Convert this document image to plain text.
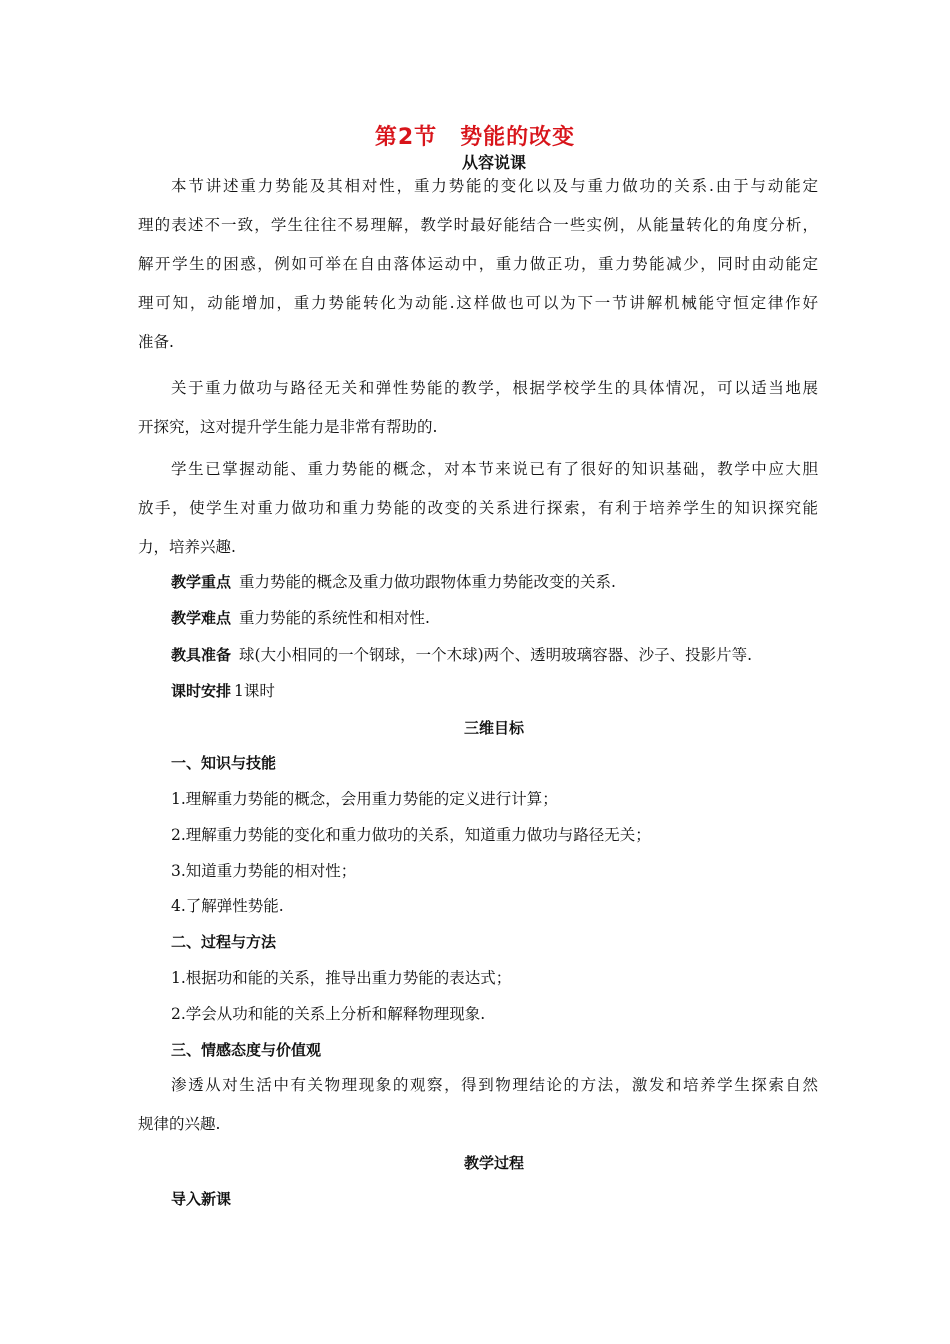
第2节　势能的改变
从容说课
本节讲述重力势能及其相对性，重力势能的变化以及与重力做功的关系.由于与动能定
理的表述不一致，学生往往不易理解，教学时最好能结合一些实例，从能量转化的角度分析，
解开学生的困惑，例如可举在自由落体运动中，重力做正功，重力势能减少，同时由动能定
理可知，动能增加，重力势能转化为动能.这样做也可以为下一节讲解机械能守恒定律作好
准备.
关于重力做功与路径无关和弹性势能的教学，根据学校学生的具体情况，可以适当地展
开探究，这对提升学生能力是非常有帮助的.
学生已掌握动能、重力势能的概念，对本节来说已有了很好的知识基础，教学中应大胆
放手，使学生对重力做功和重力势能的改变的关系进行探索，有利于培养学生的知识探究能
力，培养兴趣.
教学重点 重力势能的概念及重力做功跟物体重力势能改变的关系.
教学难点 重力势能的系统性和相对性.
教具准备 球(大小相同的一个钢球，一个木球)两个、透明玻璃容器、沙子、投影片等.
课时安排 1课时
三维目标
一、知识与技能
1.理解重力势能的概念，会用重力势能的定义进行计算；
2.理解重力势能的变化和重力做功的关系，知道重力做功与路径无关；
3.知道重力势能的相对性；
4.了解弹性势能.
二、过程与方法
1.根据功和能的关系，推导出重力势能的表达式；
2.学会从功和能的关系上分析和解释物理现象.
三、情感态度与价值观
渗透从对生活中有关物理现象的观察，得到物理结论的方法，激发和培养学生探索自然
规律的兴趣.
教学过程
导入新课
